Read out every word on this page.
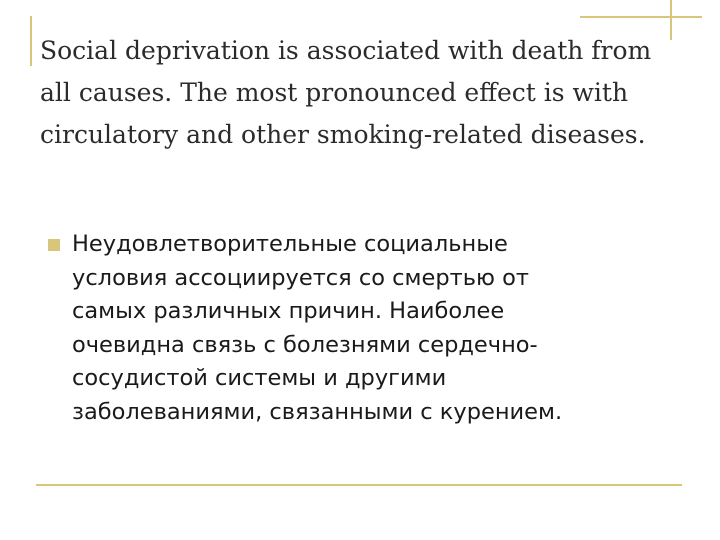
Social deprivation is associated with death from all causes. The most pronounced effect is with circulatory and other smoking-related diseases.

Неудовлетворительные социальные
условия ассоциируется со смертью от
самых различных причин. Наиболее
очевидна связь с болезнями сердечно-
сосудистой системы и другими
заболеваниями, связанными с курением.
